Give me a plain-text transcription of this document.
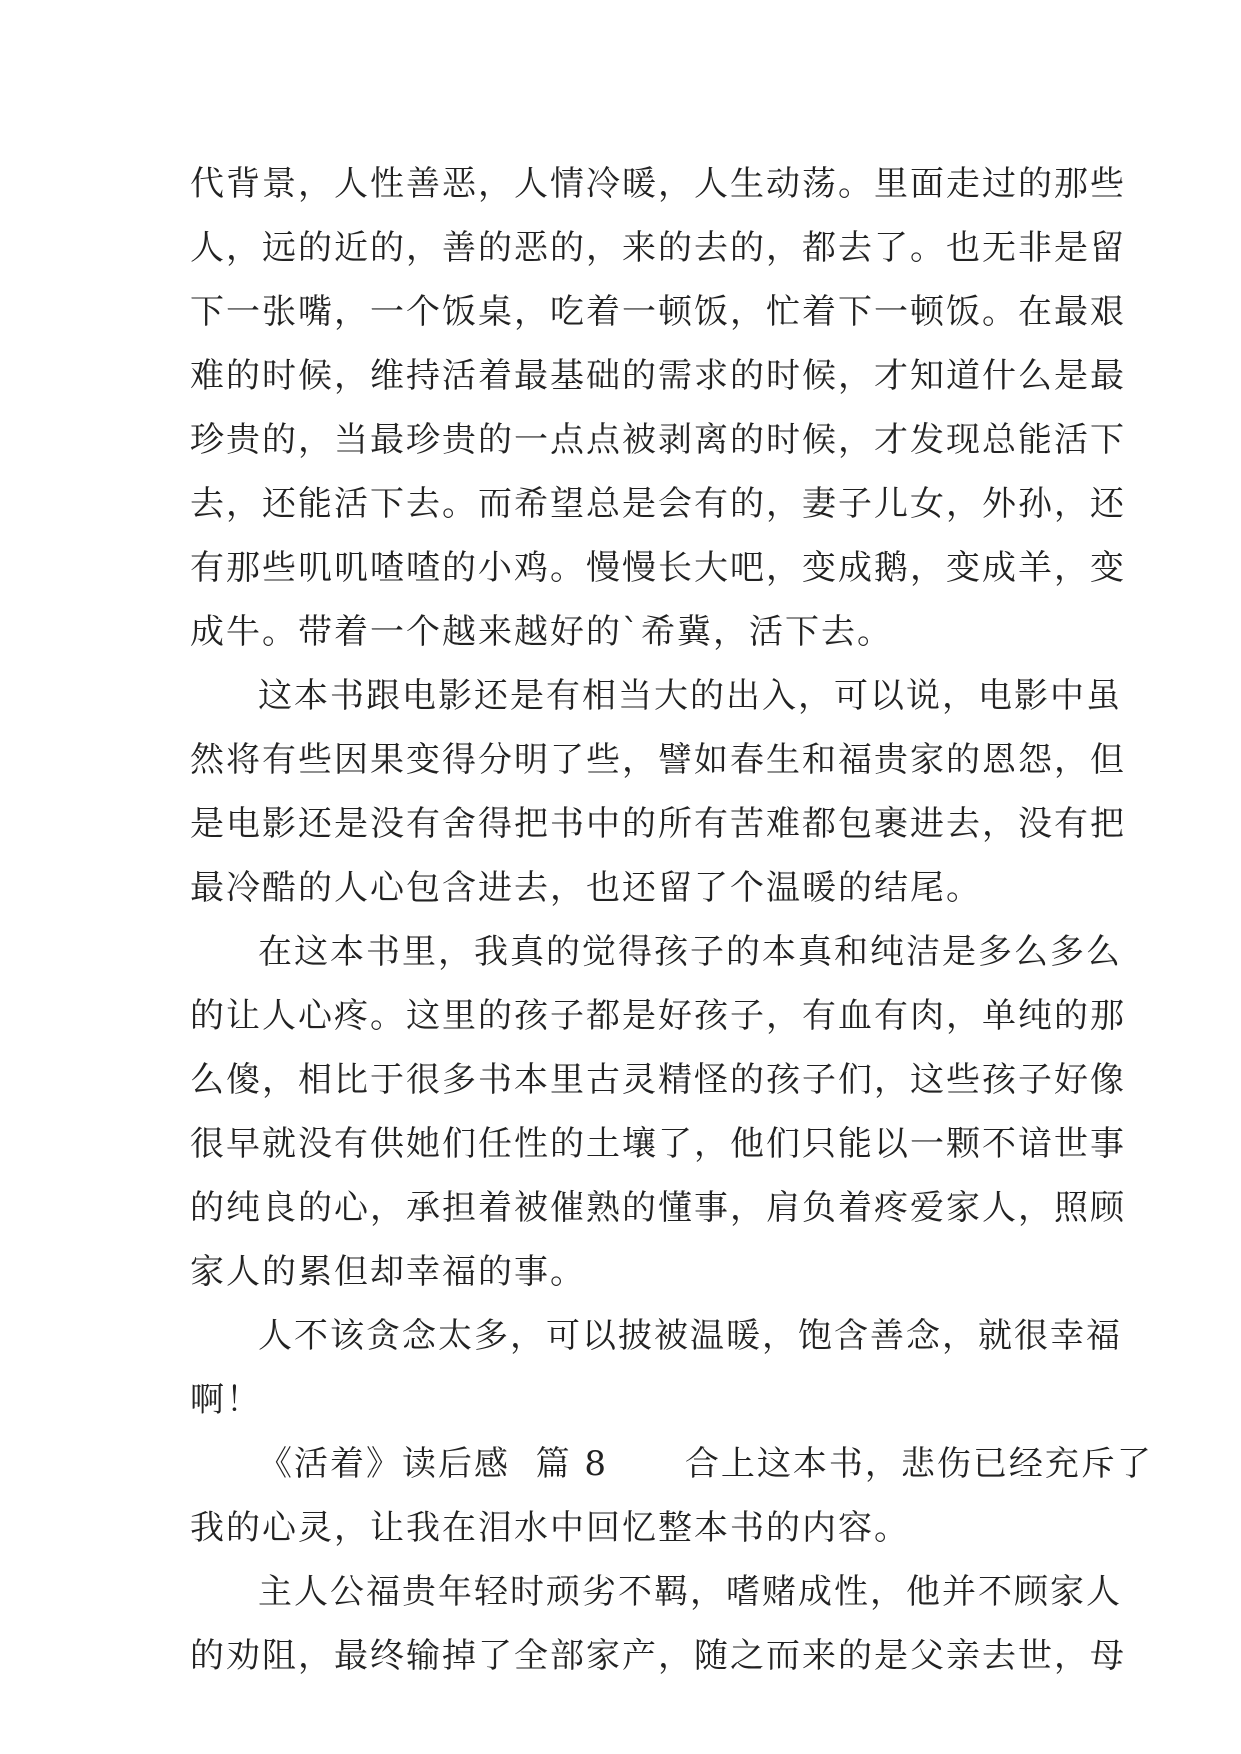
代背景，人性善恶，人情冷暖，人生动荡。里面走过的那些
人，远的近的，善的恶的，来的去的，都去了。也无非是留
下一张嘴，一个饭桌，吃着一顿饭，忙着下一顿饭。在最艰
难的时候，维持活着最基础的需求的时候，才知道什么是最
珍贵的，当最珍贵的一点点被剥离的时候，才发现总能活下
去，还能活下去。而希望总是会有的，妻子儿女，外孙，还
有那些叽叽喳喳的小鸡。慢慢长大吧，变成鹅，变成羊，变
成牛。带着一个越来越好的`希冀，活下去。
这本书跟电影还是有相当大的出入，可以说，电影中虽
然将有些因果变得分明了些，譬如春生和福贵家的恩怨，但
是电影还是没有舍得把书中的所有苦难都包裹进去，没有把
最冷酷的人心包含进去，也还留了个温暖的结尾。
在这本书里，我真的觉得孩子的本真和纯洁是多么多么
的让人心疼。这里的孩子都是好孩子，有血有肉，单纯的那
么傻，相比于很多书本里古灵精怪的孩子们，这些孩子好像
很早就没有供她们任性的土壤了，他们只能以一颗不谙世事
的纯良的心，承担着被催熟的懂事，肩负着疼爱家人，照顾
家人的累但却幸福的事。
人不该贪念太多，可以披被温暖，饱含善念，就很幸福
啊！
《活着》读后感  篇 8      合上这本书，悲伤已经充斥了
我的心灵，让我在泪水中回忆整本书的内容。
主人公福贵年轻时顽劣不羁，嗜赌成性，他并不顾家人
的劝阻，最终输掉了全部家产，随之而来的是父亲去世，母
